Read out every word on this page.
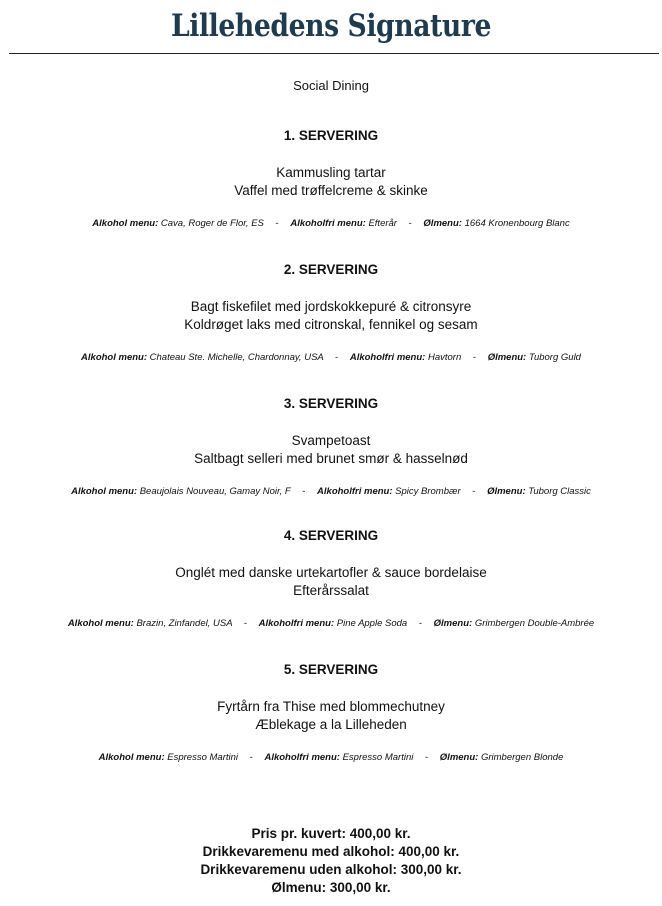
Lillehedens Signature
Social Dining
1. SERVERING
Kammusling tartar
Vaffel med trøffelcreme & skinke
Alkohol menu: Cava, Roger de Flor, ES - Alkoholfri menu: Efterår - Ølmenu: 1664 Kronenbourg Blanc
2. SERVERING
Bagt fiskefilet med jordskokkepuré & citronsyre
Koldrøget laks med citronskal, fennikel og sesam
Alkohol menu: Chateau Ste. Michelle, Chardonnay, USA - Alkoholfri menu: Havtorn - Ølmenu: Tuborg Guld
3. SERVERING
Svampetoast
Saltbagt selleri med brunet smør & hasselnød
Alkohol menu: Beaujolais Nouveau, Gamay Noir, F - Alkoholfri menu: Spicy Brombær - Ølmenu: Tuborg Classic
4. SERVERING
Onglét med danske urtekartofler & sauce bordelaise
Efterårssalat
Alkohol menu: Brazin, Zinfandel, USA - Alkoholfri menu: Pine Apple Soda - Ølmenu: Grimbergen Double-Ambrée
5. SERVERING
Fyrtårn fra Thise med blommechutney
Æblekage a la Lilleheden
Alkohol menu: Espresso Martini - Alkoholfri menu: Espresso Martini - Ølmenu: Grimbergen Blonde
Pris pr. kuvert: 400,00 kr.
Drikkevaremenu med alkohol: 400,00 kr.
Drikkevaremenu uden alkohol: 300,00 kr.
Ølmenu: 300,00 kr.
